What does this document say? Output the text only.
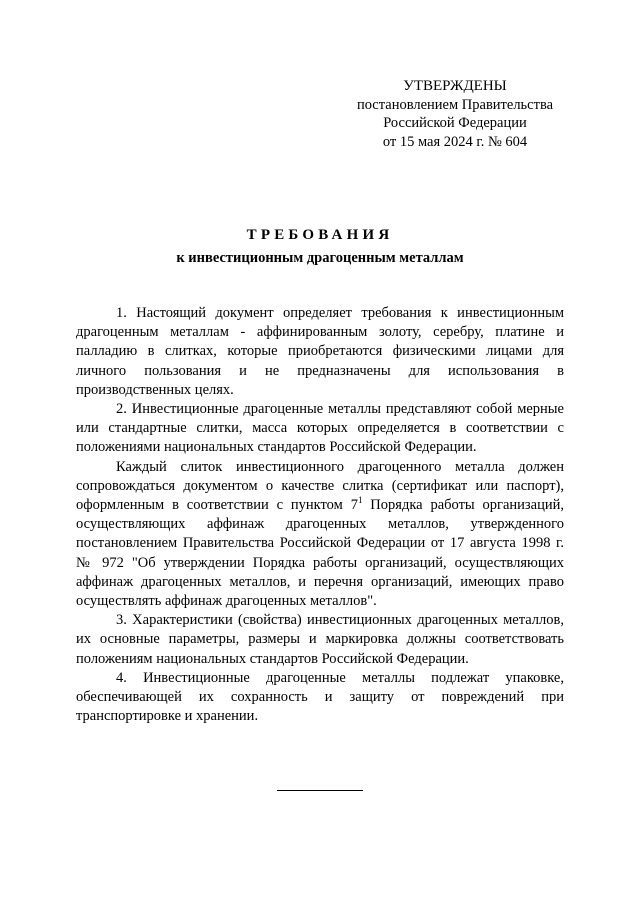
УТВЕРЖДЕНЫ
постановлением Правительства
Российской Федерации
от 15 мая 2024 г. № 604
ТРЕБОВАНИЯ
к инвестиционным драгоценным металлам

1. Настоящий документ определяет требования к инвестиционным драгоценным металлам - аффинированным золоту, серебру, платине и палладию в слитках, которые приобретаются физическими лицами для личного пользования и не предназначены для использования в производственных целях.

2. Инвестиционные драгоценные металлы представляют собой мерные или стандартные слитки, масса которых определяется в соответствии с положениями национальных стандартов Российской Федерации.

Каждый слиток инвестиционного драгоценного металла должен сопровождаться документом о качестве слитка (сертификат или паспорт), оформленным в соответствии с пунктом $7^1$ Порядка работы организаций, осуществляющих аффинаж драгоценных металлов, утвержденного постановлением Правительства Российской Федерации от 17 августа 1998 г. № 972 "Об утверждении Порядка работы организаций, осуществляющих аффинаж драгоценных металлов, и перечня организаций, имеющих право осуществлять аффинаж драгоценных металлов".

3. Характеристики (свойства) инвестиционных драгоценных металлов, их основные параметры, размеры и маркировка должны соответствовать положениям национальных стандартов Российской Федерации.

4. Инвестиционные драгоценные металлы подлежат упаковке, обеспечивающей их сохранность и защиту от повреждений при транспортировке и хранении.
